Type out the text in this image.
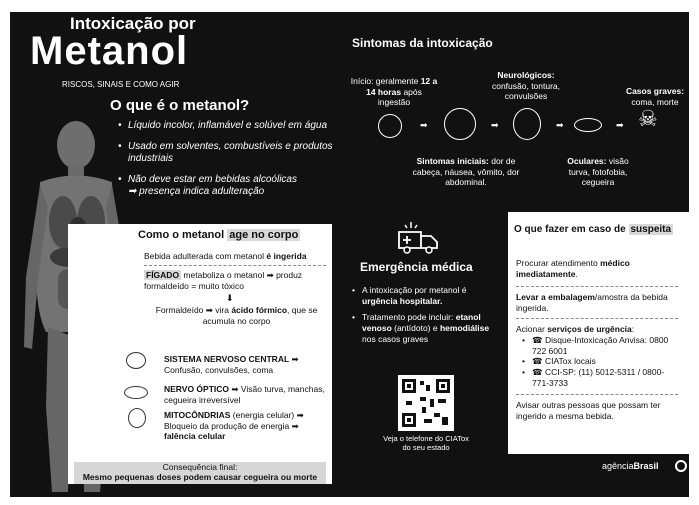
Intoxicação por
Metanol
RISCOS, SINAIS E COMO AGIR
O que é o metanol?
• Líquido incolor, inflamável e solúvel em água
• Usado em solventes, combustíveis e produtos industriais
• Não deve estar em bebidas alcoólicas
➡ presença indica adulteração
Sintomas da intoxicação
Início: geralmente 12 a 14 horas após ingestão
Neurológicos: confusão, tontura, convulsões
Casos graves: coma, morte
➡	➡	➡	➡ ☠
Sintomas iniciais: dor de cabeça, náusea, vômito, dor abdominal.
Oculares: visão turva, fotofobia, cegueira
Como o metanol age no corpo
Bebida adulterada com metanol é ingerida
FÍGADO metaboliza o metanol ➡ produz formaldeído = muito tóxico
⬇
Formaldeído ➡ vira ácido fórmico, que se acumula no corpo
SISTEMA NERVOSO CENTRAL ➡
Confusão, convulsões, coma
NERVO ÓPTICO ➡ Visão turva, manchas, cegueira irreversível
MITOCÔNDRIAS (energia celular) ➡ Bloqueio da produção de energia ➡ falência celular
Consequência final:
Mesmo pequenas doses podem causar cegueira ou morte
Emergência médica
• A intoxicação por metanol é urgência hospitalar.
• Tratamento pode incluir: etanol venoso (antídoto) e hemodiálise nos casos graves
Veja o telefone do CIATox do seu estado
O que fazer em caso de suspeita
Procurar atendimento médico imediatamente.
Levar a embalagem/amostra da bebida ingerida.
Acionar serviços de urgência:
• ☎ Disque-Intoxicação Anvisa: 0800 722 6001
• ☎ CIATox locais
• ☎ CCI-SP: (11) 5012-5311 / 0800-771-3733
Avisar outras pessoas que possam ter ingerido a mesma bebida.
agênciaBrasil
